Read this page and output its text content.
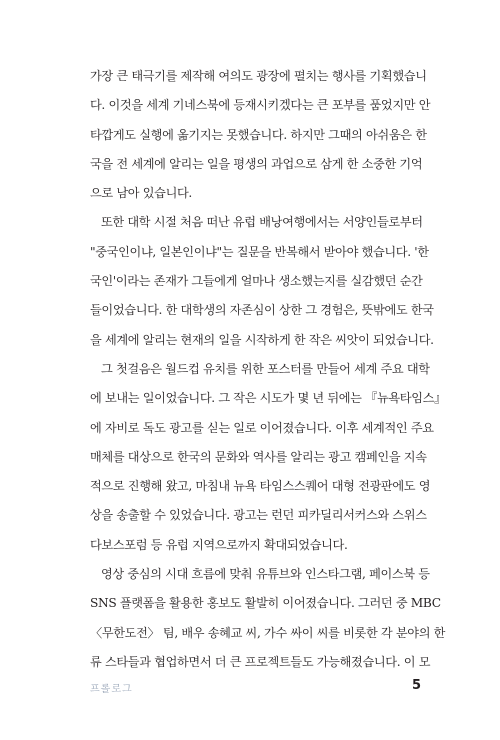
가장 큰 태극기를 제작해 여의도 광장에 펼치는 행사를 기획했습니
다. 이것을 세계 기네스북에 등재시키겠다는 큰 포부를 품었지만 안
타깝게도 실행에 옮기지는 못했습니다. 하지만 그때의 아쉬움은 한
국을 전 세계에 알리는 일을 평생의 과업으로 삼게 한 소중한 기억
으로 남아 있습니다.
또한 대학 시절 처음 떠난 유럽 배낭여행에서는 서양인들로부터
"중국인이냐, 일본인이냐"는 질문을 반복해서 받아야 했습니다. '한
국인'이라는 존재가 그들에게 얼마나 생소했는지를 실감했던 순간
들이었습니다. 한 대학생의 자존심이 상한 그 경험은, 뜻밖에도 한국
을 세계에 알리는 현재의 일을 시작하게 한 작은 씨앗이 되었습니다.
그 첫걸음은 월드컵 유치를 위한 포스터를 만들어 세계 주요 대학
에 보내는 일이었습니다. 그 작은 시도가 몇 년 뒤에는 『뉴욕타임스』
에 자비로 독도 광고를 싣는 일로 이어졌습니다. 이후 세계적인 주요
매체를 대상으로 한국의 문화와 역사를 알리는 광고 캠페인을 지속
적으로 진행해 왔고, 마침내 뉴욕 타임스스퀘어 대형 전광판에도 영
상을 송출할 수 있었습니다. 광고는 런던 피카딜리서커스와 스위스
다보스포럼 등 유럽 지역으로까지 확대되었습니다.
영상 중심의 시대 흐름에 맞춰 유튜브와 인스타그램, 페이스북 등
SNS 플랫폼을 활용한 홍보도 활발히 이어졌습니다. 그러던 중 MBC
〈무한도전〉 팀, 배우 송혜교 씨, 가수 싸이 씨를 비롯한 각 분야의 한
류 스타들과 협업하면서 더 큰 프로젝트들도 가능해졌습니다. 이 모
프롤로그	5
